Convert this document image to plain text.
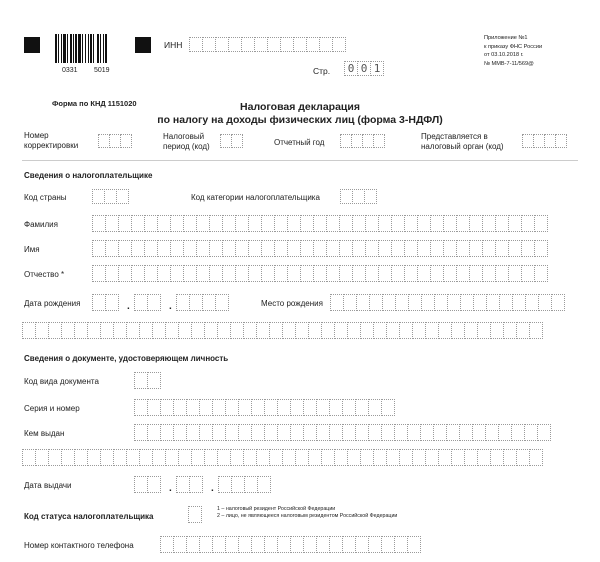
0331 5019
ИНН
Стр. 0 0 1
Приложение №1
к приказу ФНС России
от 03.10.2018 г.
№ ММВ-7-11/569@
Форма по КНД 1151020	Налоговая декларация
по налогу на доходы физических лиц (форма 3-НДФЛ)
Номер
корректировки
Налоговый
период (код)	Отчетный год
Представляется в
налоговый орган (код)
Сведения о налогоплательщике
Код страны	Код категории налогоплательщика
Фамилия
Имя
Отчество *
Дата рождения	.	.	Место рождения
Сведения о документе, удостоверяющем личность
Код вида документа
Серия и номер
Кем выдан
Дата выдачи	.	.
Код статуса налогоплательщика
1 – налоговый резидент Российской Федерации
2 – лицо, не являющееся налоговым резидентом Российской Федерации
Номер контактного телефона
